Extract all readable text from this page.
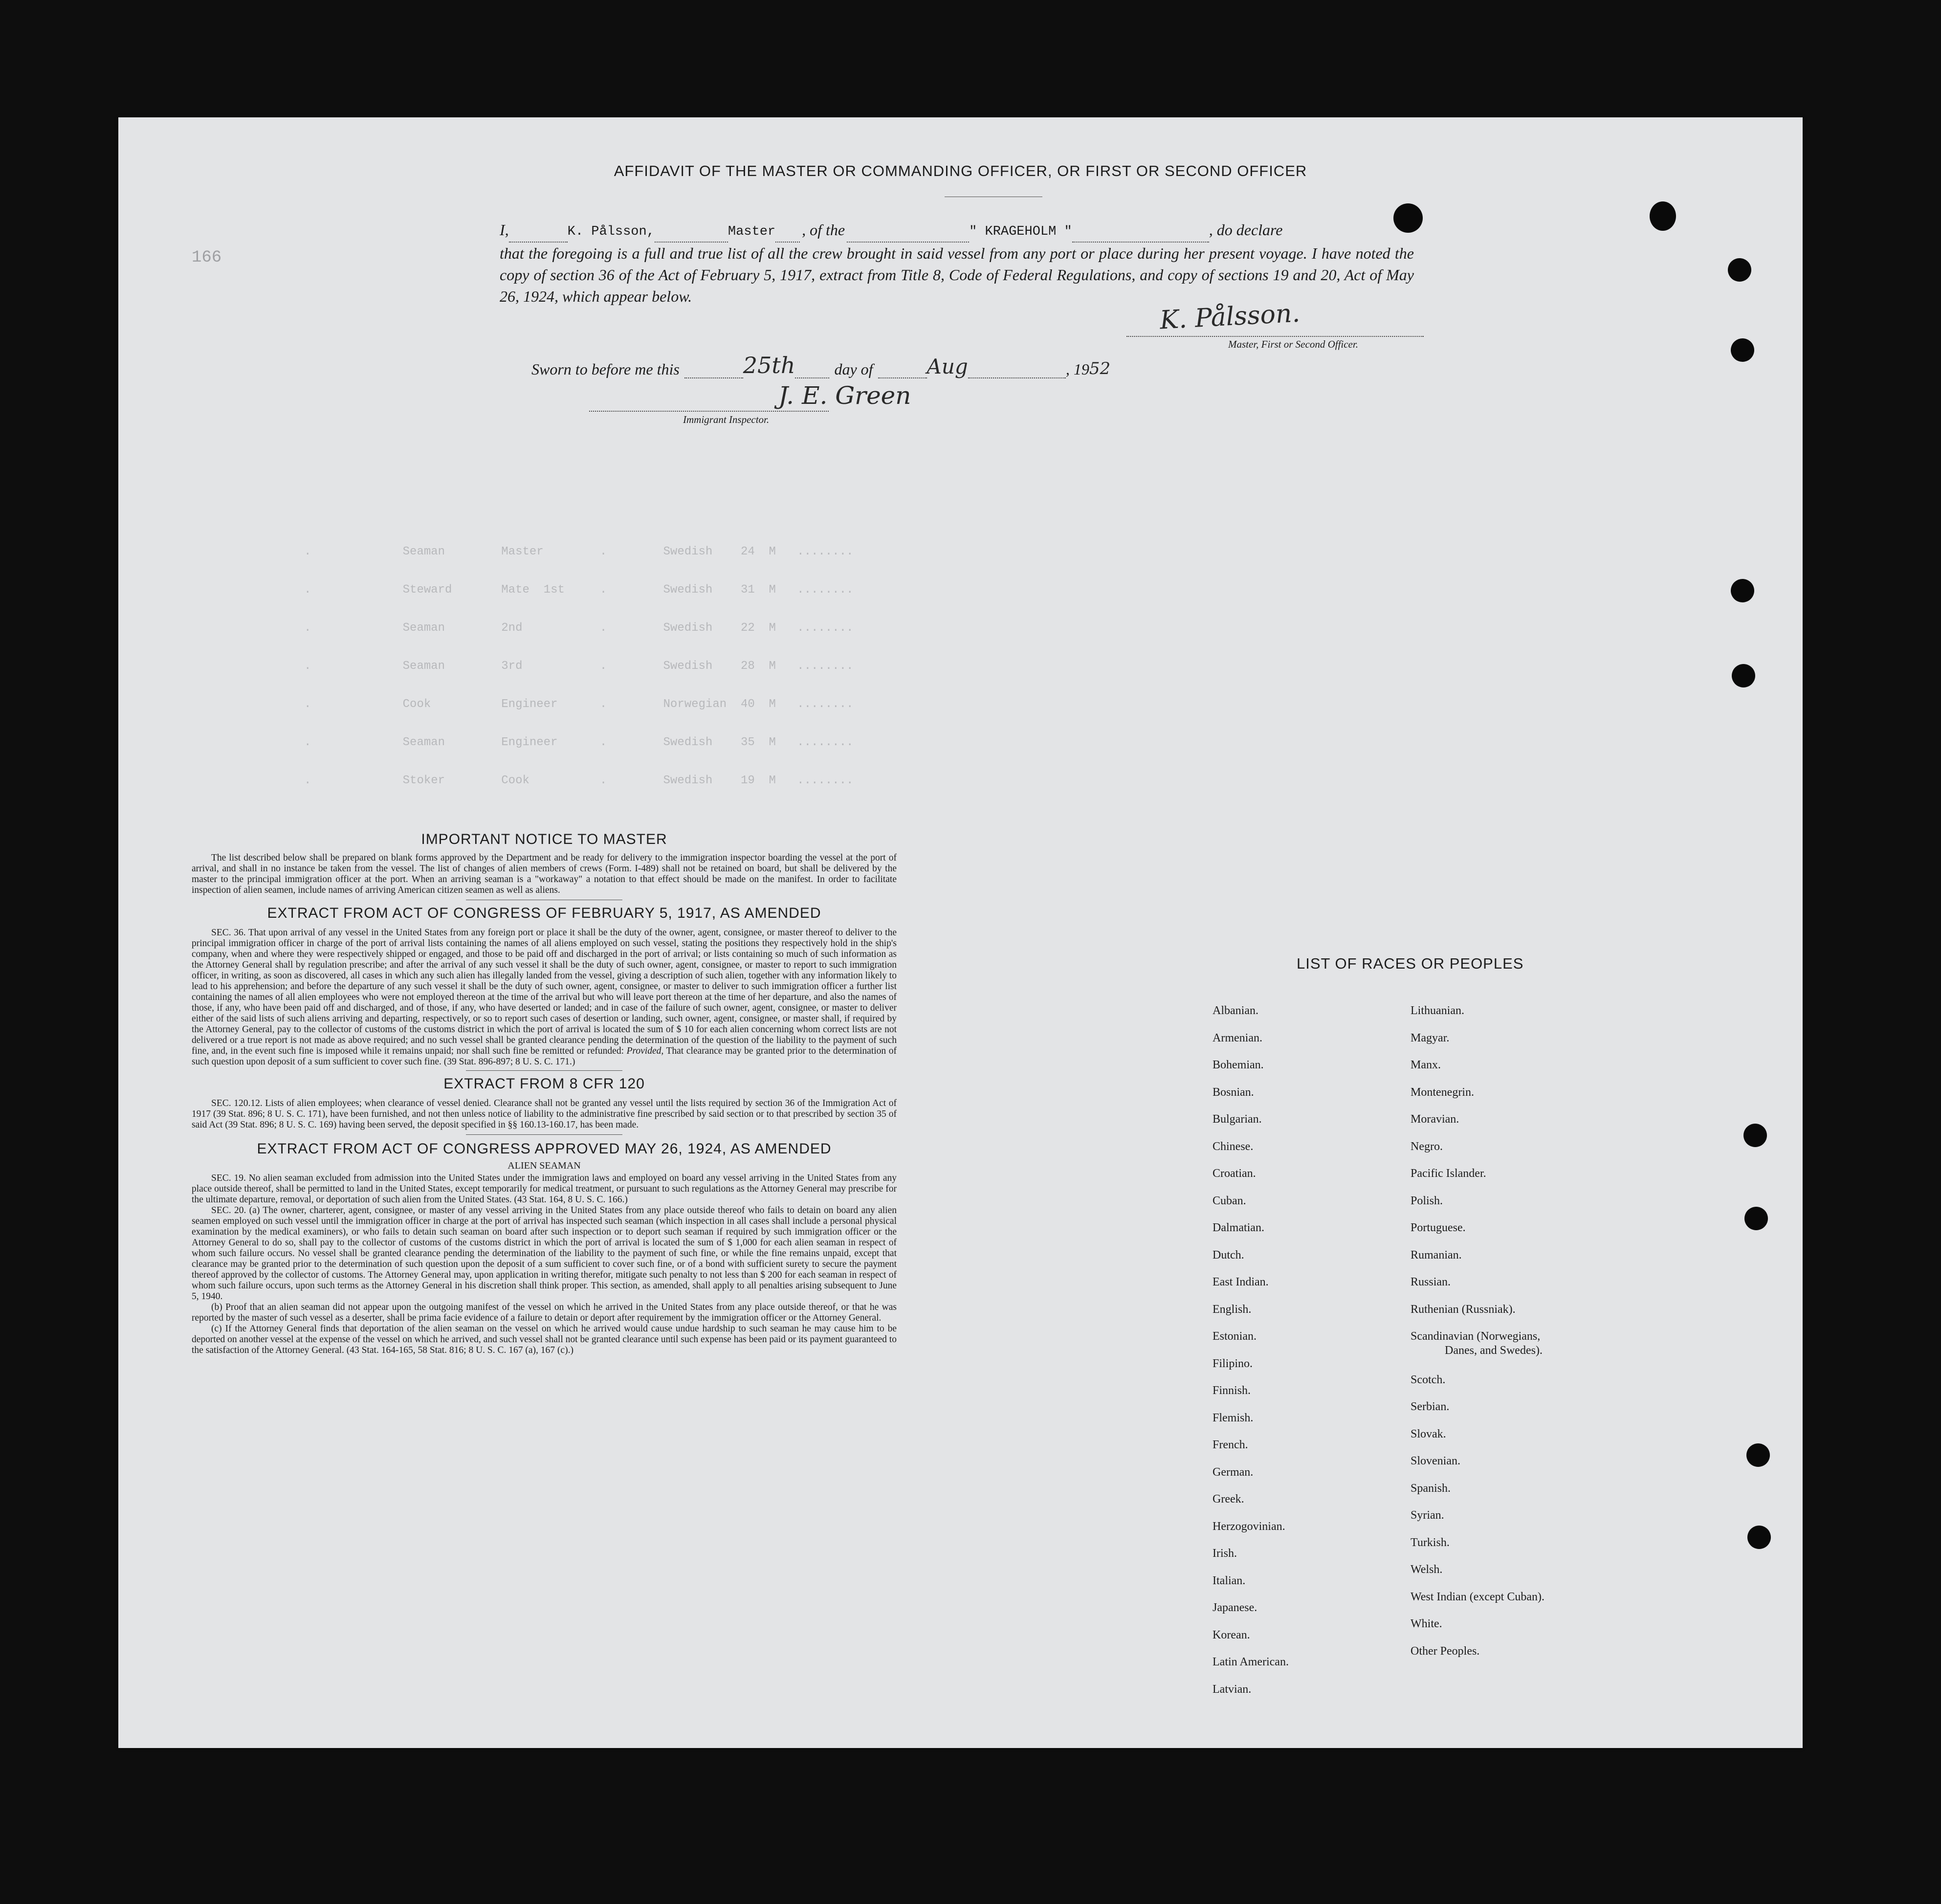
166
.             Seaman        Master        .        Swedish    24  M   ........
.             Steward       Mate  1st     .        Swedish    31  M   ........
.             Seaman        2nd           .        Swedish    22  M   ........
.             Seaman        3rd           .        Swedish    28  M   ........
.             Cook          Engineer      .        Norwegian  40  M   ........
.             Seaman        Engineer      .        Swedish    35  M   ........
.             Stoker        Cook          .        Swedish    19  M   ........
AFFIDAVIT OF THE MASTER OR COMMANDING OFFICER, OR FIRST OR SECOND OFFICER
I,	K. Pålsson,	Master , of the	" KRAGEHOLM "	, do declare
that the foregoing is a full and true list of all the crew brought in said vessel from any port or place during her present voyage. I have noted the copy of section 36 of the Act of February 5, 1917, extract from Title 8, Code of Federal Regulations, and copy of sections 19 and 20, Act of May 26, 1924, which appear below.
K. Pålsson.
Master, First or Second Officer.
Sworn to before me this	25th	day of	Aug	, 19 52
J. E. Green
Immigrant Inspector.
IMPORTANT NOTICE TO MASTER
The list described below shall be prepared on blank forms approved by the Department and be ready for delivery to the immigration inspector boarding the vessel at the port of arrival, and shall in no instance be taken from the vessel. The list of changes of alien members of crews (Form. I-489) shall not be retained on board, but shall be delivered by the master to the principal immigration officer at the port. When an arriving seaman is a "workaway" a notation to that effect should be made on the manifest. In order to facilitate inspection of alien seamen, include names of arriving American citizen seamen as well as aliens.
EXTRACT FROM ACT OF CONGRESS OF FEBRUARY 5, 1917, AS AMENDED
SEC. 36. That upon arrival of any vessel in the United States from any foreign port or place it shall be the duty of the owner, agent, consignee, or master thereof to deliver to the principal immigration officer in charge of the port of arrival lists containing the names of all aliens employed on such vessel, stating the positions they respectively hold in the ship's company, when and where they were respectively shipped or engaged, and those to be paid off and discharged in the port of arrival; or lists containing so much of such information as the Attorney General shall by regulation prescribe; and after the arrival of any such vessel it shall be the duty of such owner, agent, consignee, or master to report to such immigration officer, in writing, as soon as discovered, all cases in which any such alien has illegally landed from the vessel, giving a description of such alien, together with any information likely to lead to his apprehension; and before the departure of any such vessel it shall be the duty of such owner, agent, consignee, or master to deliver to such immigration officer a further list containing the names of all alien employees who were not employed thereon at the time of the arrival but who will leave port thereon at the time of her departure, and also the names of those, if any, who have been paid off and discharged, and of those, if any, who have deserted or landed; and in case of the failure of such owner, agent, consignee, or master to deliver either of the said lists of such aliens arriving and departing, respectively, or so to report such cases of desertion or landing, such owner, agent, consignee, or master shall, if required by the Attorney General, pay to the collector of customs of the customs district in which the port of arrival is located the sum of $ 10 for each alien concerning whom correct lists are not delivered or a true report is not made as above required; and no such vessel shall be granted clearance pending the determination of the question of the liability to the payment of such fine, and, in the event such fine is imposed while it remains unpaid; nor shall such fine be remitted or refunded: Provided, That clearance may be granted prior to the determination of such question upon deposit of a sum sufficient to cover such fine. (39 Stat. 896-897; 8 U. S. C. 171.)
EXTRACT FROM 8 CFR 120
SEC. 120.12. Lists of alien employees; when clearance of vessel denied. Clearance shall not be granted any vessel until the lists required by section 36 of the Immigration Act of 1917 (39 Stat. 896; 8 U. S. C. 171), have been furnished, and not then unless notice of liability to the administrative fine prescribed by said section or to that prescribed by section 35 of said Act (39 Stat. 896; 8 U. S. C. 169) having been served, the deposit specified in §§ 160.13-160.17, has been made.
EXTRACT FROM ACT OF CONGRESS APPROVED MAY 26, 1924, AS AMENDED
ALIEN SEAMAN
SEC. 19. No alien seaman excluded from admission into the United States under the immigration laws and employed on board any vessel arriving in the United States from any place outside thereof, shall be permitted to land in the United States, except temporarily for medical treatment, or pursuant to such regulations as the Attorney General may prescribe for the ultimate departure, removal, or deportation of such alien from the United States. (43 Stat. 164, 8 U. S. C. 166.)
SEC. 20. (a) The owner, charterer, agent, consignee, or master of any vessel arriving in the United States from any place outside thereof who fails to detain on board any alien seamen employed on such vessel until the immigration officer in charge at the port of arrival has inspected such seaman (which inspection in all cases shall include a personal physical examination by the medical examiners), or who fails to detain such seaman on board after such inspection or to deport such seaman if required by such immigration officer or the Attorney General to do so, shall pay to the collector of customs of the customs district in which the port of arrival is located the sum of $ 1,000 for each alien seaman in respect of whom such failure occurs. No vessel shall be granted clearance pending the determination of the liability to the payment of such fine, or while the fine remains unpaid, except that clearance may be granted prior to the determination of such question upon the deposit of a sum sufficient to cover such fine, or of a bond with sufficient surety to secure the payment thereof approved by the collector of customs. The Attorney General may, upon application in writing therefor, mitigate such penalty to not less than $ 200 for each seaman in respect of whom such failure occurs, upon such terms as the Attorney General in his discretion shall think proper. This section, as amended, shall apply to all penalties arising subsequent to June 5, 1940.
(b) Proof that an alien seaman did not appear upon the outgoing manifest of the vessel on which he arrived in the United States from any place outside thereof, or that he was reported by the master of such vessel as a deserter, shall be prima facie evidence of a failure to detain or deport after requirement by the immigration officer or the Attorney General.
(c) If the Attorney General finds that deportation of the alien seaman on the vessel on which he arrived would cause undue hardship to such seaman he may cause him to be deported on another vessel at the expense of the vessel on which he arrived, and such vessel shall not be granted clearance until such expense has been paid or its payment guaranteed to the satisfaction of the Attorney General. (43 Stat. 164-165, 58 Stat. 816; 8 U. S. C. 167 (a), 167 (c).)
LIST OF RACES OR PEOPLES
Albanian.
Armenian.
Bohemian.
Bosnian.
Bulgarian.
Chinese.
Croatian.
Cuban.
Dalmatian.
Dutch.
East Indian.
English.
Estonian.
Filipino.
Finnish.
Flemish.
French.
German.
Greek.
Herzogovinian.
Irish.
Italian.
Japanese.
Korean.
Latin American.
Latvian.
Lithuanian.
Magyar.
Manx.
Montenegrin.
Moravian.
Negro.
Pacific Islander.
Polish.
Portuguese.
Rumanian.
Russian.
Ruthenian (Russniak).
Scandinavian (Norwegians,
Danes, and Swedes).
Scotch.
Serbian.
Slovak.
Slovenian.
Spanish.
Syrian.
Turkish.
Welsh.
West Indian (except Cuban).
White.
Other Peoples.
